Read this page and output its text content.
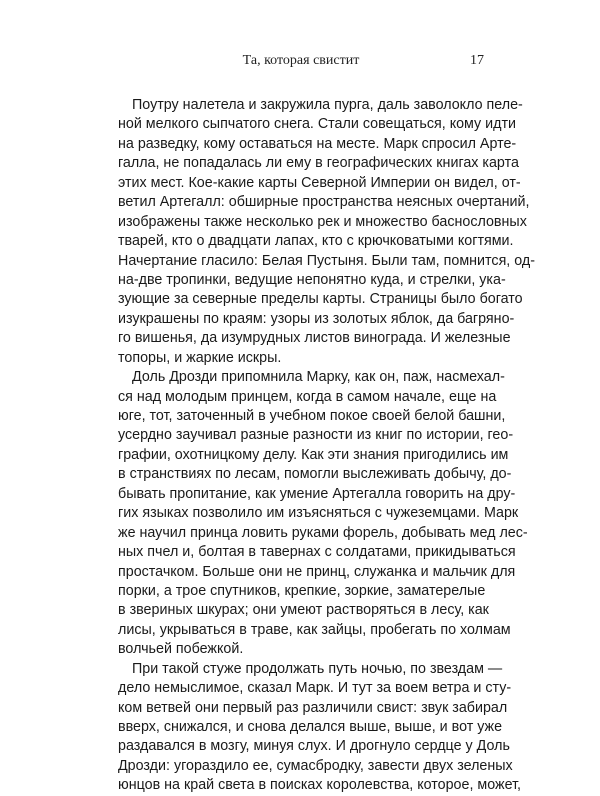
Та, которая свистит	17
Поутру налетела и закружила пурга, даль заволокло пеле-
ной мелкого сыпчатого снега. Стали совещаться, кому идти
на разведку, кому оставаться на месте. Марк спросил Арте-
галла, не попадалась ли ему в географических книгах карта
этих мест. Кое-какие карты Северной Империи он видел, от-
ветил Артегалл: обширные пространства неясных очертаний,
изображены также несколько рек и множество баснословных
тварей, кто о двадцати лапах, кто с крючковатыми когтями.
Начертание гласило: Белая Пустыня. Были там, помнится, од-
на-две тропинки, ведущие непонятно куда, и стрелки, ука-
зующие за северные пределы карты. Страницы было богато
изукрашены по краям: узоры из золотых яблок, да багряно-
го вишенья, да изумрудных листов винограда. И железные
топоры, и жаркие искры.
Доль Дрозди припомнила Марку, как он, паж, насмехал-
ся над молодым принцем, когда в самом начале, еще на
юге, тот, заточенный в учебном покое своей белой башни,
усердно заучивал разные разности из книг по истории, гео-
графии, охотницкому делу. Как эти знания пригодились им
в странствиях по лесам, помогли выслеживать добычу, до-
бывать пропитание, как умение Артегалла говорить на дру-
гих языках позволило им изъясняться с чужеземцами. Марк
же научил принца ловить руками форель, добывать мед лес-
ных пчел и, болтая в тавернах с солдатами, прикидываться
простачком. Больше они не принц, служанка и мальчик для
порки, а трое спутников, крепкие, зоркие, заматерелые
в звериных шкурах; они умеют растворяться в лесу, как
лисы, укрываться в траве, как зайцы, пробегать по холмам
волчьей побежкой.
При такой стуже продолжать путь ночью, по звездам —
дело немыслимое, сказал Марк. И тут за воем ветра и сту-
ком ветвей они первый раз различили свист: звук забирал
вверх, снижался, и снова делался выше, выше, и вот уже
раздавался в мозгу, минуя слух. И дрогнуло сердце у Доль
Дрозди: угораздило ее, сумасбродку, завести двух зеленых
юнцов на край света в поисках королевства, которое, может,
